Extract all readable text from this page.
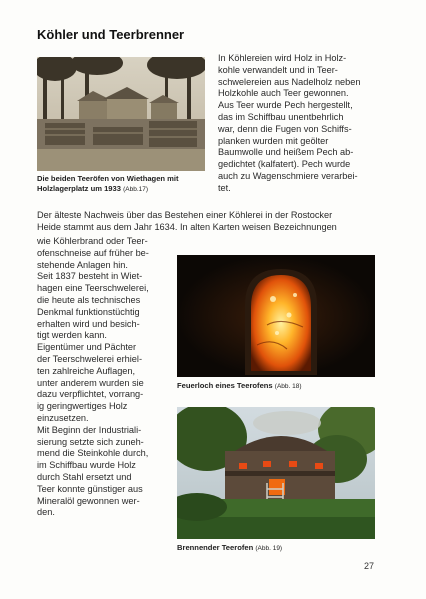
Köhler und Teerbrenner
Die beiden Teeröfen von Wiethagen mit Holzlagerplatz um 1933 (Abb.17)

In Köhlereien wird Holz in Holz-

kohle verwandelt und in Teer-

schwelereien aus Nadelholz neben

Holzkohle auch Teer gewonnen.

Aus Teer wurde Pech hergestellt,

das im Schiffbau unentbehrlich

war, denn die Fugen von Schiffs-

planken wurden mit geölter

Baumwolle und heißem Pech ab-

gedichtet (kalfatert). Pech wurde

auch zu Wagenschmiere verarbei-

tet.

Der älteste Nachweis über das Bestehen einer Köhlerei in der Rostocker

Heide stammt aus dem Jahr 1634. In alten Karten weisen Bezeichnungen

wie Köhlerbrand oder Teer-

ofenschneise auf früher be-

stehende Anlagen hin.

Seit 1837 besteht in Wiet-

hagen eine Teerschwelerei,

die heute als technisches

Denkmal funktionstüchtig

erhalten wird und besich-

tigt werden kann.

Eigentümer und Pächter

der Teerschwelerei erhiel-

ten zahlreiche Auflagen,

unter anderem wurden sie

dazu verpflichtet, vorrang-

ig geringwertiges Holz

einzusetzen.

Mit Beginn der Industriali-

sierung setzte sich zuneh-

mend die Steinkohle durch,

im Schiffbau wurde Holz

durch Stahl ersetzt und

Teer konnte günstiger aus

Mineralöl gewonnen wer-

den.

Feuerloch eines Teerofens (Abb. 18)
Brennender Teerofen (Abb. 19)
27
